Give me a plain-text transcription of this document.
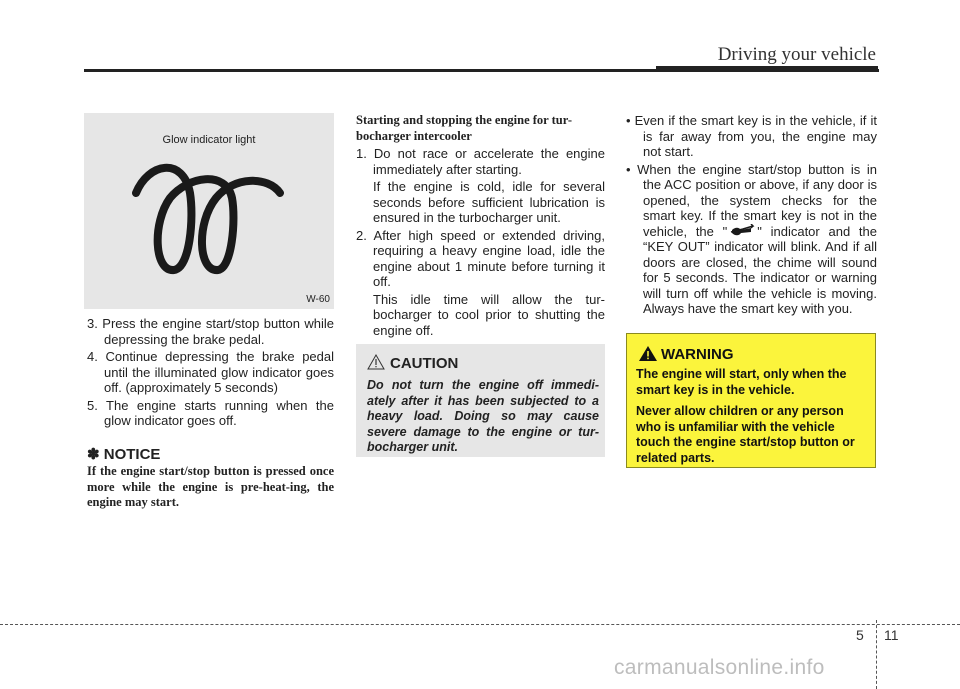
Driving your vehicle
Glow indicator light
W-60
3. Press the engine start/stop button while depressing the brake pedal.
4. Continue depressing the brake pedal until the illuminated glow indicator goes off. (approximately 5 seconds)
5. The engine starts running when the glow indicator goes off.
✽ NOTICE
If the engine start/stop button is pressed once more while the engine is pre-heat-ing, the engine may start.
Starting and stopping the engine for tur-bocharger intercooler
1. Do not race or accelerate the engine immediately after starting.

If the engine is cold, idle for several seconds before sufficient lubrication is ensured in the turbocharger unit.

2. After high speed or extended driving, requiring a heavy engine load, idle the engine about 1 minute before turning it off.

This idle time will allow the tur-bocharger to cool prior to shutting the engine off.

CAUTION
Do not turn the engine off immedi-ately after it has been subjected to a heavy load. Doing so may cause severe damage to the engine or tur-bocharger unit.
• Even if the smart key is in the vehicle, if it is far away from you, the engine may not start.
• When the engine start/stop button is in the ACC position or above, if any door is opened, the system checks for the smart key. If the smart key is not in the vehicle, the " " indicator and the “KEY OUT” indicator will blink. And if all doors are closed, the chime will sound for 5 seconds. The indicator or warning will turn off while the vehicle is moving. Always have the smart key with you.
WARNING

The engine will start, only when the smart key is in the vehicle.

Never allow children or any person who is unfamiliar with the vehicle touch the engine start/stop button or related parts.

5 11
carmanualsonline.info
